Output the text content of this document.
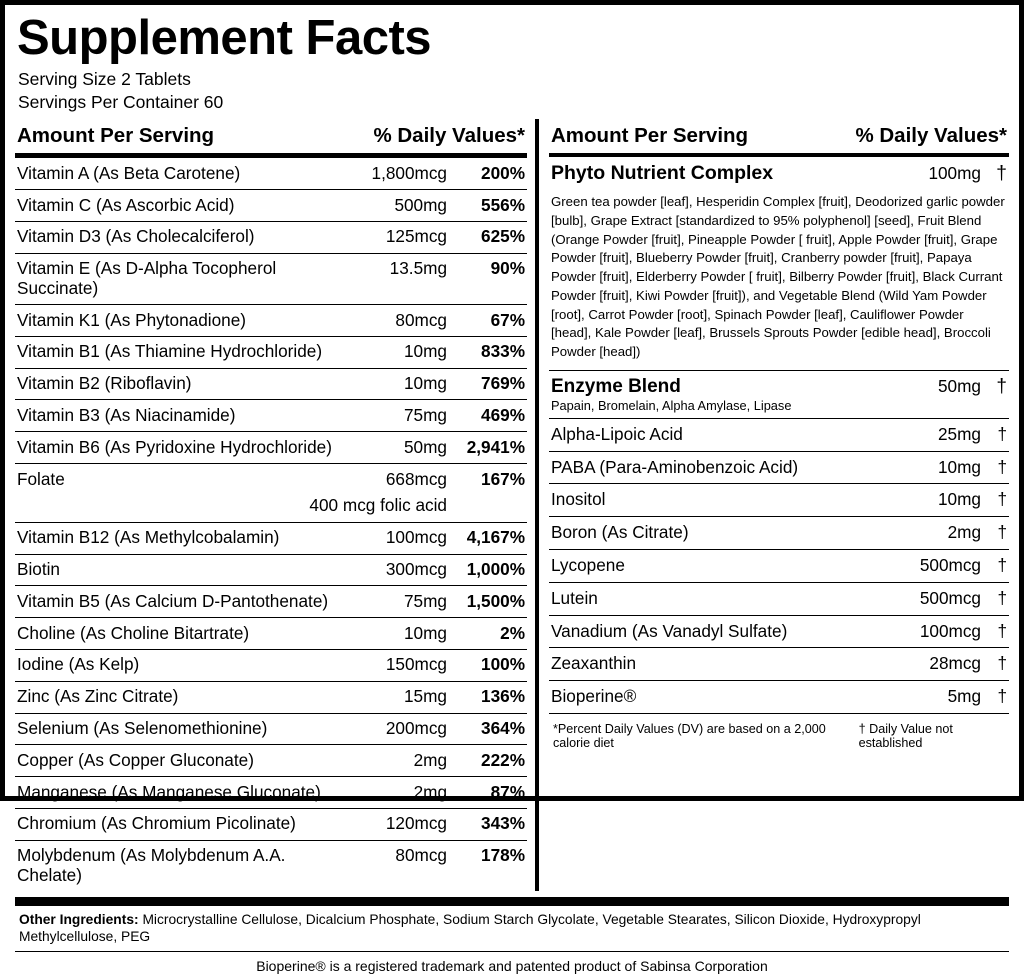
Supplement Facts
Serving Size 2 Tablets
Servings Per Container 60
Amount Per Serving	% Daily Values*
Vitamin A (As Beta Carotene)	1,800mcg	200%
Vitamin C (As Ascorbic Acid)	500mg	556%
Vitamin D3 (As Cholecalciferol)	125mcg	625%
Vitamin E (As D-Alpha Tocopherol Succinate)
13.5mg	90%
Vitamin K1 (As Phytonadione)	80mcg	67%
Vitamin B1 (As Thiamine Hydrochloride)	10mg	833%
Vitamin B2 (Riboflavin)	10mg	769%
Vitamin B3 (As Niacinamide)	75mg	469%
Vitamin B6 (As Pyridoxine Hydrochloride)	50mg	2,941%
Folate	668mcg	167%
400 mcg folic acid
Vitamin B12 (As Methylcobalamin)	100mcg	4,167%
Biotin	300mcg	1,000%
Vitamin B5 (As Calcium D-Pantothenate)	75mg	1,500%
Choline (As Choline Bitartrate)	10mg	2%
Iodine (As Kelp)	150mcg	100%
Zinc (As Zinc Citrate)	15mg	136%
Selenium (As Selenomethionine)	200mcg	364%
Copper (As Copper Gluconate)	2mg	222%
Manganese (As Manganese Gluconate)	2mg	87%
Chromium (As Chromium Picolinate)	120mcg	343%
Molybdenum (As Molybdenum A.A. Chelate)
80mcg	178%
Amount Per Serving	% Daily Values*
Phyto Nutrient Complex	100mg †
Green tea powder [leaf], Hesperidin Complex [fruit], Deodorized garlic powder [bulb], Grape Extract [standardized to 95% polyphenol] [seed], Fruit Blend (Orange Powder [fruit], Pineapple Powder [ fruit], Apple Powder [fruit], Grape Powder [fruit], Blueberry Powder [fruit], Cranberry powder [fruit], Papaya Powder [fruit], Elderberry Powder [ fruit], Bilberry Powder [fruit], Black Currant Powder [fruit], Kiwi Powder [fruit]), and Vegetable Blend (Wild Yam Powder [root], Carrot Powder [root], Spinach Powder [leaf], Cauliflower Powder [head], Kale Powder [leaf], Brussels Sprouts Powder [edible head], Broccoli Powder [head])
Enzyme Blend	50mg †
Papain, Bromelain, Alpha Amylase, Lipase
Alpha-Lipoic Acid	25mg †
PABA (Para-Aminobenzoic Acid)	10mg †
Inositol	10mg †
Boron (As Citrate)	2mg †
Lycopene	500mcg †
Lutein	500mcg †
Vanadium (As Vanadyl Sulfate)	100mcg †
Zeaxanthin	28mcg †
Bioperine®	5mg †
*Percent Daily Values (DV) are based on a 2,000 calorie diet
† Daily Value not established
Other Ingredients: Microcrystalline Cellulose, Dicalcium Phosphate, Sodium Starch Glycolate, Vegetable Stearates, Silicon Dioxide, Hydroxypropyl Methylcellulose, PEG
Bioperine® is a registered trademark and patented product of Sabinsa Corporation
